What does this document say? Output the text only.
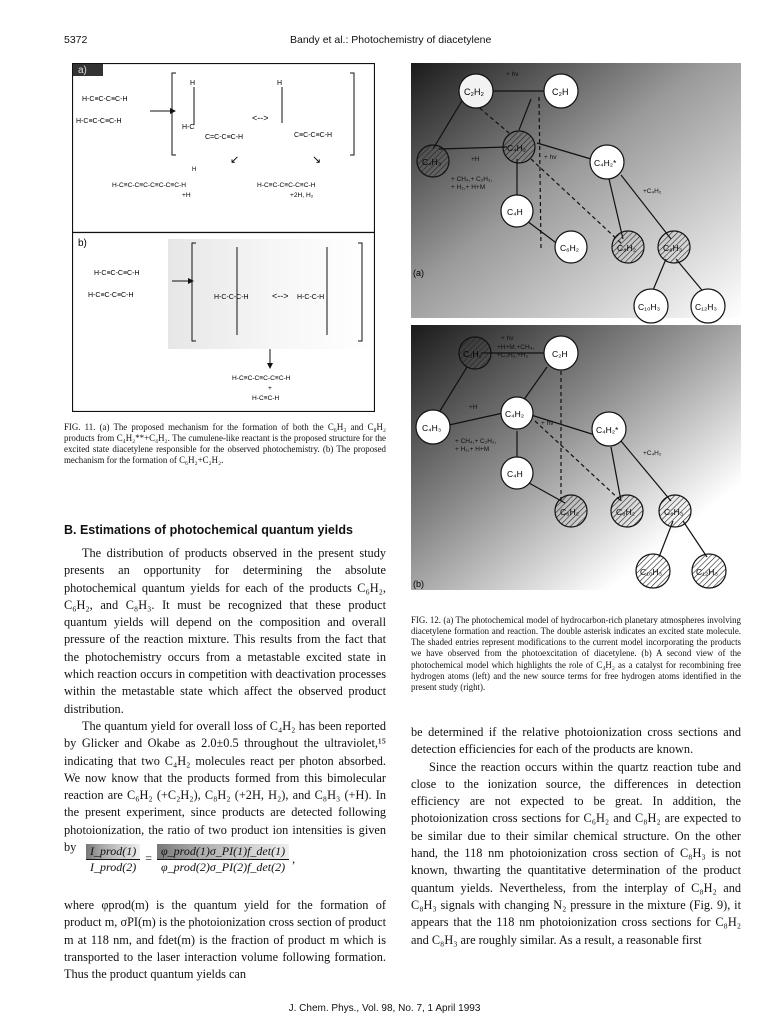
5372	Bandy et al.: Photochemistry of diacetylene
a)
H-C≡C-C≡C-H
H-C≡C-C≡C-H
H
H-C
C=C-C≡C-H
<-->
H
C≡C-C≡C-H
↙	↘
H
H-C≡C-C≡C-C≡C-C≡C-H
+H
H-C≡C-C≡C-C≡C-H
+2H, H₂
b)
H-C≡C-C≡C-H
H-C≡C-C≡C-H	H-C-C-C-H	<--> H-C-C-H
H-C≡C-C≡C-C≡C-H
+
H-C≡C-H

FIG. 11. (a) The proposed mechanism for the formation of both the C₆H₃ and C₈H₂ products from C₄H₂**+C₄H₂. The cumulene-like reactant is the proposed structure for the excited state diacetylene responsible for the observed photochemistry. (b) The proposed mechanism for the formation of C₆H₂+C₂H₂.

(a)
(b)
C₂H₂	C₂H
C₄H₃
C₄H₂
C₄H₂*
C₄H
C₆H₂	C₈H₂	C₈H₃
C₁₀H₃	C₁₂H₃
+ hv
+H	+ hv
+ CH₄,+ C₂H₂,
+ H₂,+ H+M
+C₄H₂
C₂H₂	C₂H
C₄H₃
C₄H₂
C₄H₂*
C₄H
C₆H₂	C₈H₂	C₈H₃
C₁₀H₃	C₁₂H₃
+ hv
+H+M,+CH₄,
+C₂H₆,+H₂
+H
+ hv
+ CH₄,+ C₂H₂,
+ H₂,+ H+M
+C₄H₂

FIG. 12. (a) The photochemical model of hydrocarbon-rich planetary atmospheres involving diacetylene formation and reaction. The double asterisk indicates an excited state molecule. The shaded entries represent modifications to the current model incorporating the products we have observed from the photoexcitation of diacetylene. (b) A second view of the photochemical model which highlights the role of C₄H₂ as a catalyst for recombining free hydrogen atoms (left) and the new source terms for free hydrogen atoms identified in the present study (right).

B. Estimations of photochemical quantum yields

The distribution of products observed in the present study presents an opportunity for determining the absolute photochemical quantum yields for each of the products C₆H₂, C₆H₂, and C₈H₃. It must be recognized that these product quantum yields will depend on the composition and overall pressure of the reaction mixture. This results from the fact that the photochemistry occurs from a metastable excited state in which reaction occurs in competition with deactivation processes within the metastable state which affect the observed product distribution.

The quantum yield for overall loss of C₄H₂ has been reported by Glicker and Okabe as 2.0±0.5 throughout the ultraviolet,¹⁵ indicating that two C₄H₂ molecules react per photon absorbed. We now know that the products formed from this bimolecular reaction are C₆H₂ (+C₂H₂), C₈H₂ (+2H, H₂), and C₈H₃ (+H). In the present experiment, since products are detected following photoionization, the ratio of two product ion intensities is given by	I_prod(1)
I_prod(2)
=
φ_prod(1)σ_PI(1)f_det(1)
φ_prod(2)σ_PI(2)f_det(2)
,

where φprod(m) is the quantum yield for the formation of product m, σPI(m) is the photoionization cross section of product m at 118 nm, and fdet(m) is the fraction of product m which is transported to the laser interaction volume following formation. Thus the product quantum yields can

be determined if the relative photoionization cross sections and detection efficiencies for each of the products are known.

Since the reaction occurs within the quartz reaction tube and close to the ionization source, the differences in detection efficiency are not expected to be great. In addition, the photoionization cross sections for C₆H₂ and C₈H₂ are expected to be similar due to their similar chemical structure. On the other hand, the 118 nm photoionization cross section of C₈H₃ is not known, thwarting the quantitative determination of the product quantum yields. Nevertheless, from the interplay of C₈H₂ and C₈H₃ signals with changing N₂ pressure in the mixture (Fig. 9), it appears that the 118 nm photoionization cross sections for C₈H₂ and C₈H₃ are roughly similar. As a result, a reasonable first

J. Chem. Phys., Vol. 98, No. 7, 1 April 1993
